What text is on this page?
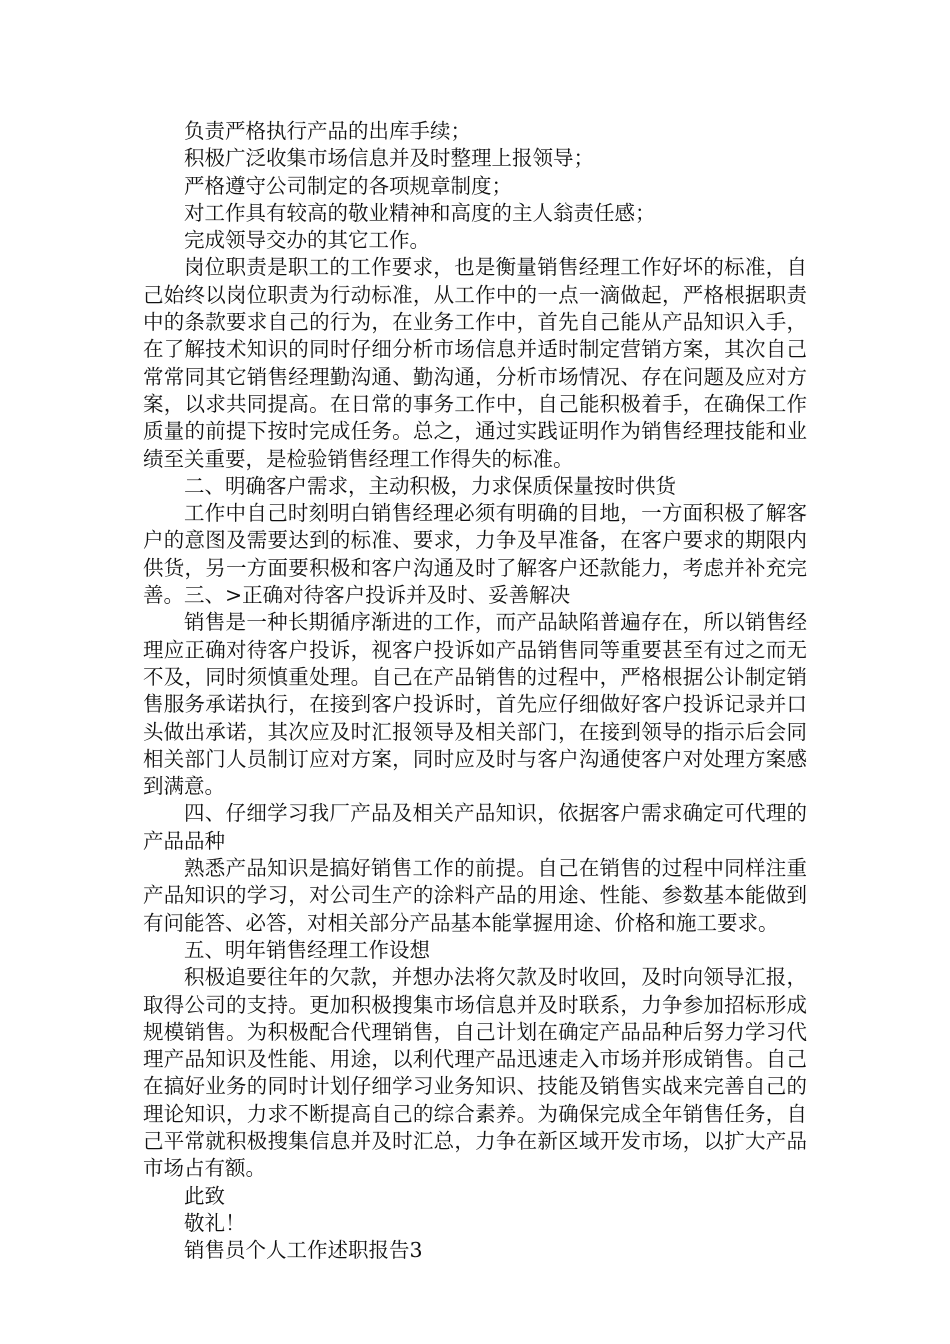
负责严格执行产品的出库手续；

积极广泛收集市场信息并及时整理上报领导；

严格遵守公司制定的各项规章制度；

对工作具有较高的敬业精神和高度的主人翁责任感；

完成领导交办的其它工作。

岗位职责是职工的工作要求，也是衡量销售经理工作好坏的标准，自己始终以岗位职责为行动标准，从工作中的一点一滴做起，严格根据职责中的条款要求自己的行为，在业务工作中，首先自己能从产品知识入手，在了解技术知识的同时仔细分析市场信息并适时制定营销方案，其次自己常常同其它销售经理勤沟通、勤沟通，分析市场情况、存在问题及应对方案，以求共同提高。在日常的事务工作中，自己能积极着手，在确保工作质量的前提下按时完成任务。总之，通过实践证明作为销售经理技能和业绩至关重要，是检验销售经理工作得失的标准。

二、明确客户需求，主动积极，力求保质保量按时供货

工作中自己时刻明白销售经理必须有明确的目地，一方面积极了解客户的意图及需要达到的标准、要求，力争及早准备，在客户要求的期限内供货，另一方面要积极和客户沟通及时了解客户还款能力，考虑并补充完善。三、>正确对待客户投诉并及时、妥善解决

销售是一种长期循序渐进的工作，而产品缺陷普遍存在，所以销售经理应正确对待客户投诉，视客户投诉如产品销售同等重要甚至有过之而无不及，同时须慎重处理。自己在产品销售的过程中，严格根据公讣制定销售服务承诺执行，在接到客户投诉时，首先应仔细做好客户投诉记录并口头做出承诺，其次应及时汇报领导及相关部门，在接到领导的指示后会同相关部门人员制订应对方案，同时应及时与客户沟通使客户对处理方案感到满意。

四、仔细学习我厂产品及相关产品知识，依据客户需求确定可代理的产品品种

熟悉产品知识是搞好销售工作的前提。自己在销售的过程中同样注重产品知识的学习，对公司生产的涂料产品的用途、性能、参数基本能做到有问能答、必答，对相关部分产品基本能掌握用途、价格和施工要求。

五、明年销售经理工作设想

积极追要往年的欠款，并想办法将欠款及时收回，及时向领导汇报，取得公司的支持。更加积极搜集市场信息并及时联系，力争参加招标形成规模销售。为积极配合代理销售，自己计划在确定产品品种后努力学习代理产品知识及性能、用途，以利代理产品迅速走入市场并形成销售。自己在搞好业务的同时计划仔细学习业务知识、技能及销售实战来完善自己的理论知识，力求不断提高自己的综合素养。为确保完成全年销售任务，自己平常就积极搜集信息并及时汇总，力争在新区域开发市场，以扩大产品市场占有额。

此致

敬礼！

销售员个人工作述职报告3
